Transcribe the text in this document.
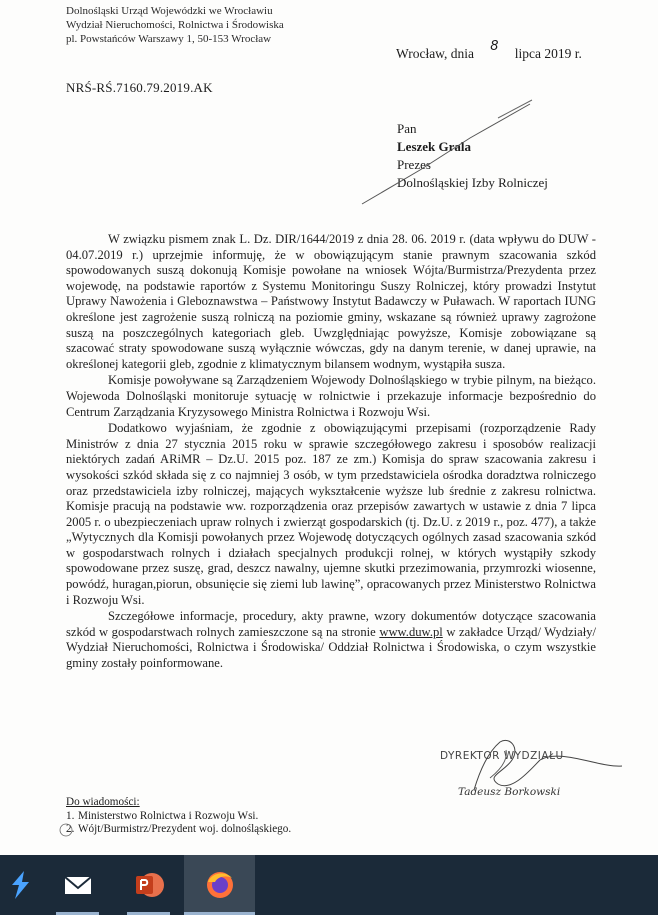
Dolnośląski Urząd Wojewódzki we Wrocławiu
Wydział Nieruchomości, Rolnictwa i Środowiska
pl. Powstańców Warszawy 1, 50-153 Wrocław
Wrocław, dnia 8 lipca 2019 r.
NRŚ-RŚ.7160.79.2019.AK
Pan
Leszek Grala
Prezes
Dolnośląskiej Izby Rolniczej

W związku pismem znak L. Dz. DIR/1644/2019 z dnia 28. 06. 2019 r. (data wpływu do DUW - 04.07.2019 r.) uprzejmie informuję, że w obowiązującym stanie prawnym szacowania szkód spowodowanych suszą dokonują Komisje powołane na wniosek Wójta/Burmistrza/Prezydenta przez wojewodę, na podstawie raportów z Systemu Monitoringu Suszy Rolniczej, który prowadzi Instytut Uprawy Nawożenia i Gleboznawstwa – Państwowy Instytut Badawczy w Puławach. W raportach IUNG określone jest zagrożenie suszą rolniczą na poziomie gminy, wskazane są również uprawy zagrożone suszą na poszczególnych kategoriach gleb. Uwzględniając powyższe, Komisje zobowiązane są szacować straty spowodowane suszą wyłącznie wówczas, gdy na danym terenie, w danej uprawie, na określonej kategorii gleb, zgodnie z klimatycznym bilansem wodnym, wystąpiła susza.

Komisje powoływane są Zarządzeniem Wojewody Dolnośląskiego w trybie pilnym, na bieżąco. Wojewoda Dolnośląski monitoruje sytuację w rolnictwie i przekazuje informacje bezpośrednio do Centrum Zarządzania Kryzysowego Ministra Rolnictwa i Rozwoju Wsi.

Dodatkowo wyjaśniam, że zgodnie z obowiązującymi przepisami (rozporządzenie Rady Ministrów z dnia 27 stycznia 2015 roku w sprawie szczegółowego zakresu i sposobów realizacji niektórych zadań ARiMR – Dz.U. 2015 poz. 187 ze zm.) Komisja do spraw szacowania zakresu i wysokości szkód składa się z co najmniej 3 osób, w tym przedstawiciela ośrodka doradztwa rolniczego oraz przedstawiciela izby rolniczej, mających wykształcenie wyższe lub średnie z zakresu rolnictwa. Komisje pracują na podstawie ww. rozporządzenia oraz przepisów zawartych w ustawie z dnia 7 lipca 2005 r. o ubezpieczeniach upraw rolnych i zwierząt gospodarskich (tj. Dz.U. z 2019 r., poz. 477), a także „Wytycznych dla Komisji powołanych przez Wojewodę dotyczących ogólnych zasad szacowania szkód w gospodarstwach rolnych i działach specjalnych produkcji rolnej, w których wystąpiły szkody spowodowane przez suszę, grad, deszcz nawalny, ujemne skutki przezimowania, przymrozki wiosenne, powódź, huragan,piorun, obsunięcie się ziemi lub lawinę”, opracowanych przez Ministerstwo Rolnictwa i Rozwoju Wsi.

Szczegółowe informacje, procedury, akty prawne, wzory dokumentów dotyczące szacowania szkód w gospodarstwach rolnych zamieszczone są na stronie www.duw.pl w zakładce Urząd/ Wydziały/ Wydział Nieruchomości, Rolnictwa i Środowiska/ Oddział Rolnictwa i Środowiska, o czym wszystkie gminy zostały poinformowane.

DYREKTOR WYDZIAŁU
Tadeusz Borkowski
Do wiadomości:
1. Ministerstwo Rolnictwa i Rozwoju Wsi.
2. Wójt/Burmistrz/Prezydent woj. dolnośląskiego.
